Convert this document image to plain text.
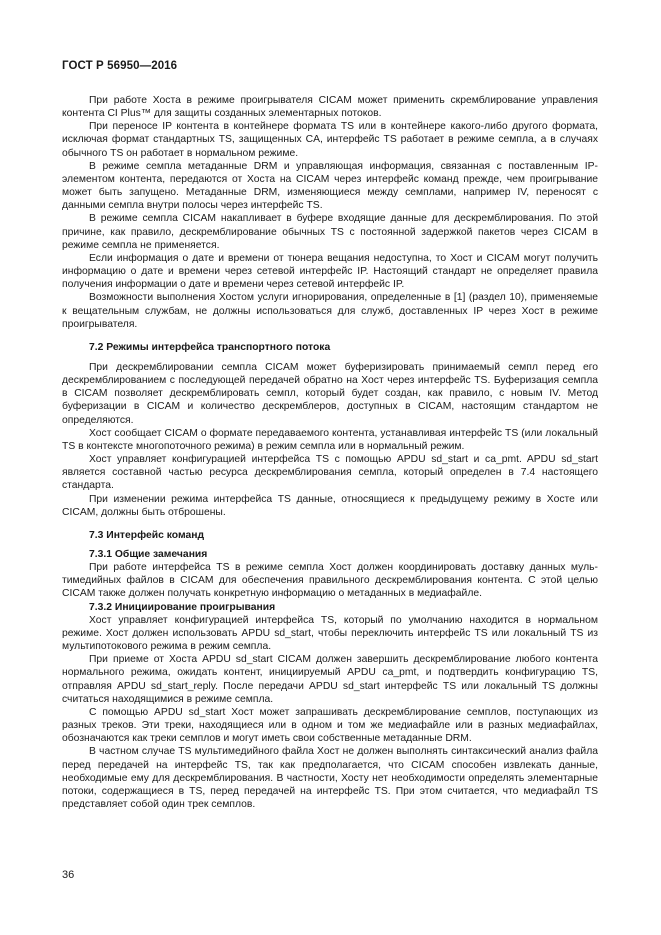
ГОСТ Р 56950—2016

При работе Хоста в режиме проигрывателя CICAM может применить скремблирование управления контента CI Plus™ для защиты созданных элементарных потоков.

При переносе IP контента в контейнере формата TS или в контейнере какого-либо другого формата, исключая формат стандартных TS, защищенных CA, интерфейс TS работает в режиме семпла, а в случаях обычного TS он работает в нормальном режиме.

В режиме семпла метаданные DRM и управляющая информация, связанная с поставленным IP-элементом контента, передаются от Хоста на CICAM через интерфейс команд прежде, чем проигрывание может быть запущено. Метаданные DRM, изменяющиеся между семплами, например IV, переносят с данными семпла внутри полосы через интерфейс TS.

В режиме семпла CICAM накапливает в буфере входящие данные для дескремблирования. По этой причине, как правило, дескремблирование обычных TS с постоянной задержкой пакетов через CICAM в режиме семпла не применяется.

Если информация о дате и времени от тюнера вещания недоступна, то Хост и CICAM могут получить информацию о дате и времени через сетевой интерфейс IP. Настоящий стандарт не определяет правила получения информации о дате и времени через сетевой интерфейс IP.

Возможности выполнения Хостом услуги игнорирования, определенные в [1] (раздел 10), применяемые к вещательным службам, не должны использоваться для служб, доставленных IP через Хост в режиме проигрывателя.

7.2 Режимы интерфейса транспортного потока

При дескремблировании семпла CICAM может буферизировать принимаемый семпл перед его дескремблированием с последующей передачей обратно на Хост через интерфейс TS. Буферизация семпла в CICAM позволяет дескремблировать семпл, который будет создан, как правило, с новым IV. Метод буферизации в CICAM и количество дескремблеров, доступных в CICAM, настоящим стандартом не определяются.

Хост сообщает CICAM о формате передаваемого контента, устанавливая интерфейс TS (или локальный TS в контексте многопоточного режима) в режим семпла или в нормальный режим.

Хост управляет конфигурацией интерфейса TS с помощью APDU sd_start и ca_pmt. APDU sd_start является составной частью ресурса дескремблирования семпла, который определен в 7.4 настоящего стандарта.

При изменении режима интерфейса TS данные, относящиеся к предыдущему режиму в Хосте или CICAM, должны быть отброшены.

7.3 Интерфейс команд
7.3.1 Общие замечания

При работе интерфейса TS в режиме семпла Хост должен координировать доставку данных мультимедийных файлов в CICAM для обеспечения правильного дескремблирования контента. С этой целью CICAM также должен получать конкретную информацию о метаданных в медиафайле.

7.3.2 Инициирование проигрывания

Хост управляет конфигурацией интерфейса TS, который по умолчанию находится в нормальном режиме. Хост должен использовать APDU sd_start, чтобы переключить интерфейс TS или локальный TS из мультипотокового режима в режим семпла.

При приеме от Хоста APDU sd_start CICAM должен завершить дескремблирование любого контента нормального режима, ожидать контент, инициируемый APDU ca_pmt, и подтвердить конфигурацию TS, отправляя APDU sd_start_reply. После передачи APDU sd_start интерфейс TS или локальный TS должны считаться находящимися в режиме семпла.

С помощью APDU sd_start Хост может запрашивать дескремблирование семплов, поступающих из разных треков. Эти треки, находящиеся или в одном и том же медиафайле или в разных медиафайлах, обозначаются как треки семплов и могут иметь свои собственные метаданные DRM.

В частном случае TS мультимедийного файла Хост не должен выполнять синтаксический анализ файла перед передачей на интерфейс TS, так как предполагается, что CICAM способен извлекать данные, необходимые ему для дескремблирования. В частности, Хосту нет необходимости определять элементарные потоки, содержащиеся в TS, перед передачей на интерфейс TS. При этом считается, что медиафайл TS представляет собой один трек семплов.

36
